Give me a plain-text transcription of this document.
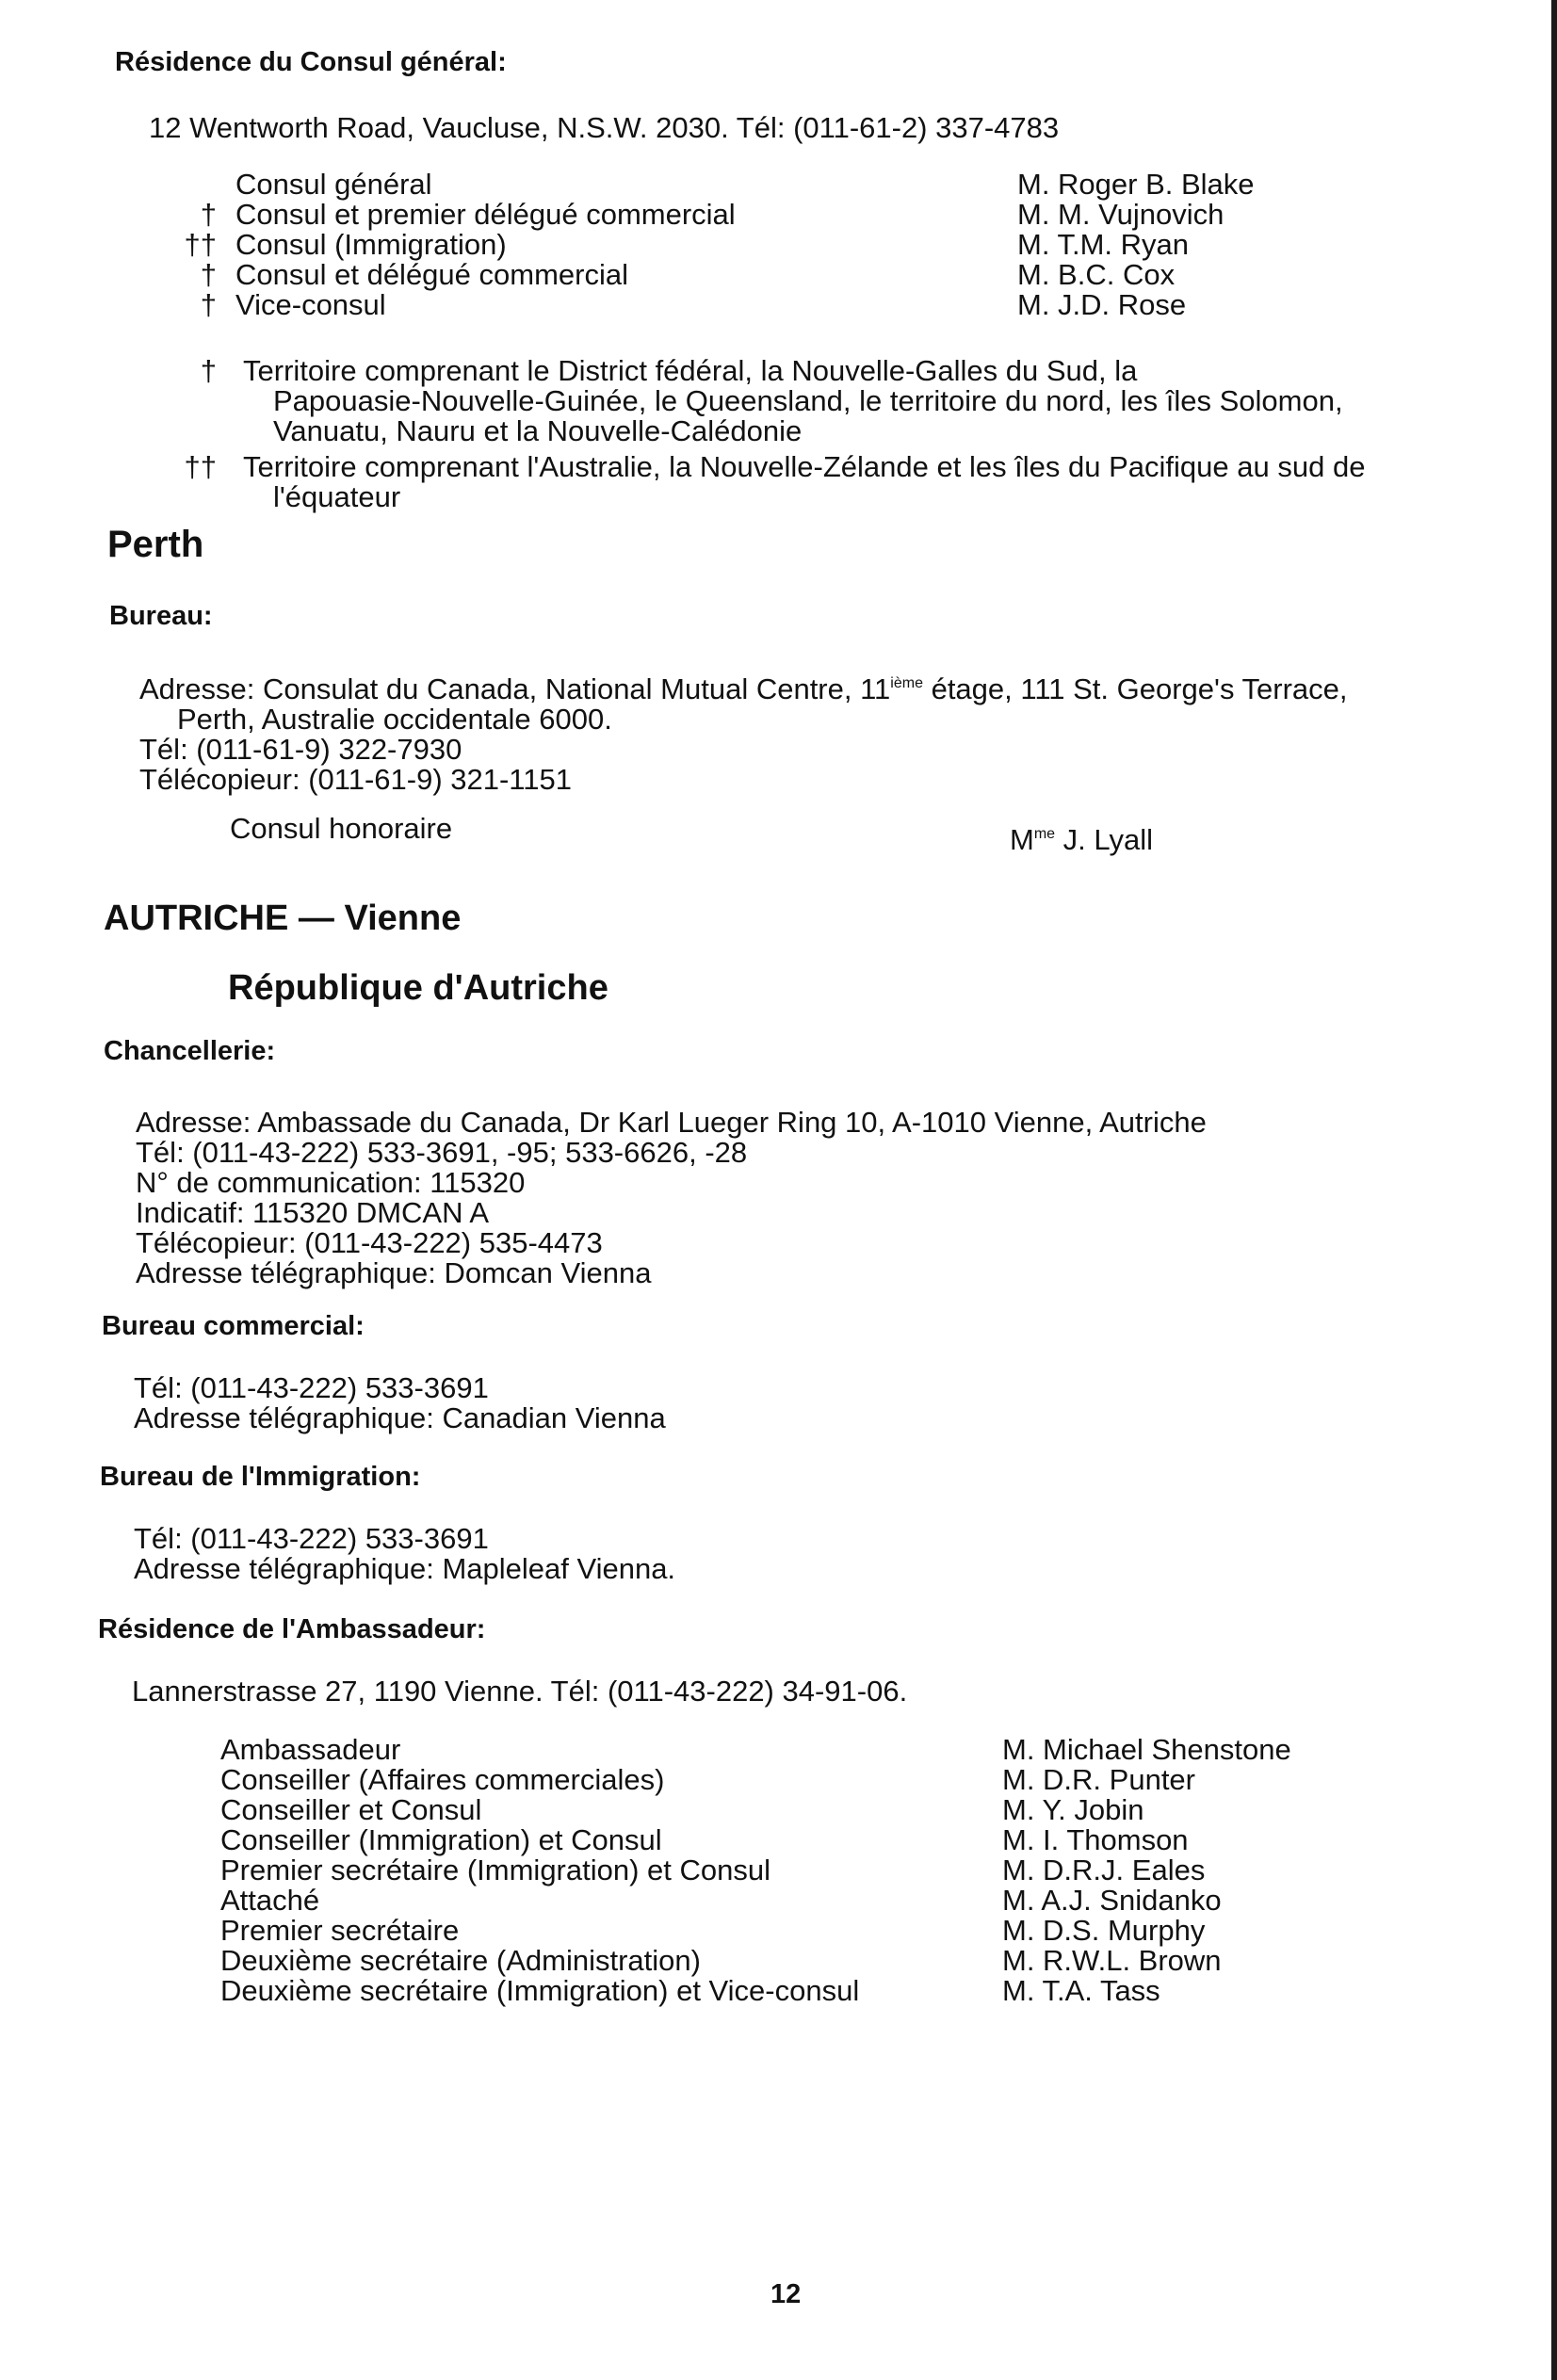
Résidence du Consul général:
12 Wentworth Road, Vaucluse, N.S.W. 2030. Tél: (011-61-2) 337-4783
Consul général	M. Roger B. Blake
† Consul et premier délégué commercial	M. M. Vujnovich
†† Consul (Immigration)	M. T.M. Ryan
† Consul et délégué commercial	M. B.C. Cox
† Vice-consul	M. J.D. Rose
† Territoire comprenant le District fédéral, la Nouvelle-Galles du Sud, la
Papouasie-Nouvelle-Guinée, le Queensland, le territoire du nord, les îles Solomon,
Vanuatu, Nauru et la Nouvelle-Calédonie
†† Territoire comprenant l'Australie, la Nouvelle-Zélande et les îles du Pacifique au sud de
l'équateur
Perth
Bureau:
Adresse: Consulat du Canada, National Mutual Centre, 11ième étage, 111 St. George's Terrace,
Perth, Australie occidentale 6000.
Tél: (011-61-9) 322-7930
Télécopieur: (011-61-9) 321-1151
Consul honoraire	$M^{me}$ J. Lyall
AUTRICHE — Vienne
République d'Autriche
Chancellerie:
Adresse: Ambassade du Canada, Dr Karl Lueger Ring 10, A-1010 Vienne, Autriche
Tél: (011-43-222) 533-3691, -95; 533-6626, -28
N° de communication: 115320
Indicatif: 115320 DMCAN A
Télécopieur: (011-43-222) 535-4473
Adresse télégraphique: Domcan Vienna
Bureau commercial:
Tél: (011-43-222) 533-3691
Adresse télégraphique: Canadian Vienna
Bureau de l'Immigration:
Tél: (011-43-222) 533-3691
Adresse télégraphique: Mapleleaf Vienna.
Résidence de l'Ambassadeur:
Lannerstrasse 27, 1190 Vienne. Tél: (011-43-222) 34-91-06.
Ambassadeur	M. Michael Shenstone
Conseiller (Affaires commerciales)	M. D.R. Punter
Conseiller et Consul	M. Y. Jobin
Conseiller (Immigration) et Consul	M. I. Thomson
Premier secrétaire (Immigration) et Consul	M. D.R.J. Eales
Attaché	M. A.J. Snidanko
Premier secrétaire	M. D.S. Murphy
Deuxième secrétaire (Administration)	M. R.W.L. Brown
Deuxième secrétaire (Immigration) et Vice-consul	M. T.A. Tass
12
